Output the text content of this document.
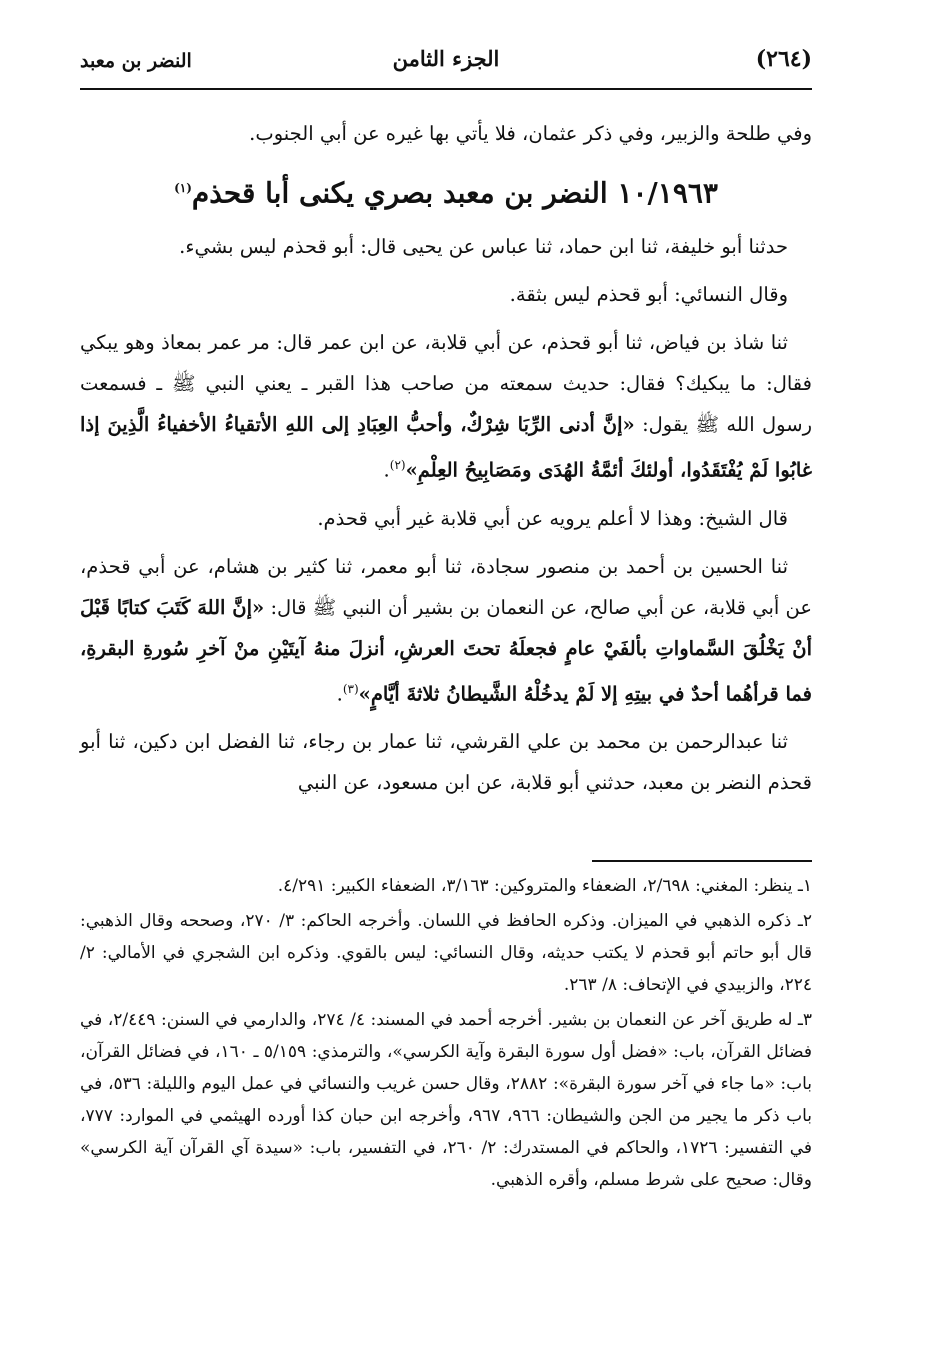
(٢٦٤)
الجزء الثامن
النضر بن معبد

وفي طلحة والزبير، وفي ذكر عثمان، فلا يأتي بها غيره عن أبي الجنوب.

١٠/١٩٦٣ النضر بن معبد بصري يكنى أبا قحذم$^{(١)}$

حدثنا أبو خليفة، ثنا ابن حماد، ثنا عباس عن يحيى قال: أبو قحذم ليس بشيء.

وقال النسائي: أبو قحذم ليس بثقة.

ثنا شاذ بن فياض، ثنا أبو قحذم، عن أبي قلابة، عن ابن عمر قال: مر عمر بمعاذ وهو يبكي فقال: ما يبكيك؟ فقال: حديث سمعته من صاحب هذا القبر ـ يعني النبي ﷺ ـ فسمعت رسول الله ﷺ يقول: «إنَّ أدنى الرِّبَا شِرْكٌ، وأحبُّ العِبَادِ إلى اللهِ الأتقياءُ الأخفياءُ الَّذِينَ إذا غابُوا لَمْ يُفْتَقَدُوا، أولئكَ أئمَّةُ الهُدَى ومَصَابِيحُ العِلْمِ»$^{(٢)}$.

قال الشيخ: وهذا لا أعلم يرويه عن أبي قلابة غير أبي قحذم.

ثنا الحسين بن أحمد بن منصور سجادة، ثنا أبو معمر، ثنا كثير بن هشام، عن أبي قحذم، عن أبي قلابة، عن أبي صالح، عن النعمان بن بشير أن النبي ﷺ قال: «إنَّ اللهَ كَتَبَ كتابًا قَبْلَ أنْ يَخْلُقَ السَّماواتِ بألفَيْ عامٍ فجعلَهُ تحتَ العرشِ، أنزلَ منهُ آيتَيْنِ منْ آخرِ سُورةِ البقرةِ، فما قرأهُما أحدٌ في بيتِهِ إلا لَمْ يدخُلْهُ الشَّيطانُ ثلاثةَ أيَّامٍ»$^{(٣)}$.

ثنا عبدالرحمن بن محمد بن علي القرشي، ثنا عمار بن رجاء، ثنا الفضل ابن دكين، ثنا أبو قحذم النضر بن معبد، حدثني أبو قلابة، عن ابن مسعود، عن النبي

١ـ ينظر: المغني: ٢/٦٩٨، الضعفاء والمتروكين: ٣/١٦٣، الضعفاء الكبير: ٤/٢٩١.

٢ـ ذكره الذهبي في الميزان. وذكره الحافظ في اللسان. وأخرجه الحاكم: ٣/ ٢٧٠، وصححه وقال الذهبي: قال أبو حاتم أبو قحذم لا يكتب حديثه، وقال النسائي: ليس بالقوي. وذكره ابن الشجري في الأمالي: ٢/ ٢٢٤، والزبيدي في الإتحاف: ٨/ ٢٦٣.

٣ـ له طريق آخر عن النعمان بن بشير. أخرجه أحمد في المسند: ٤/ ٢٧٤، والدارمي في السنن: ٢/٤٤٩، في فضائل القرآن، باب: «فضل أول سورة البقرة وآية الكرسي»، والترمذي: ٥/١٥٩ ـ ١٦٠، في فضائل القرآن، باب: «ما جاء في آخر سورة البقرة»: ٢٨٨٢، وقال حسن غريب والنسائي في عمل اليوم والليلة: ٥٣٦، في باب ذكر ما يجير من الجن والشيطان: ٩٦٦، ٩٦٧، وأخرجه ابن حبان كذا أورده الهيثمي في الموارد: ٧٧٧، في التفسير: ١٧٢٦، والحاكم في المستدرك: ٢/ ٢٦٠، في التفسير، باب: «سيدة آي القرآن آية الكرسي» وقال: صحيح على شرط مسلم، وأقره الذهبي.
